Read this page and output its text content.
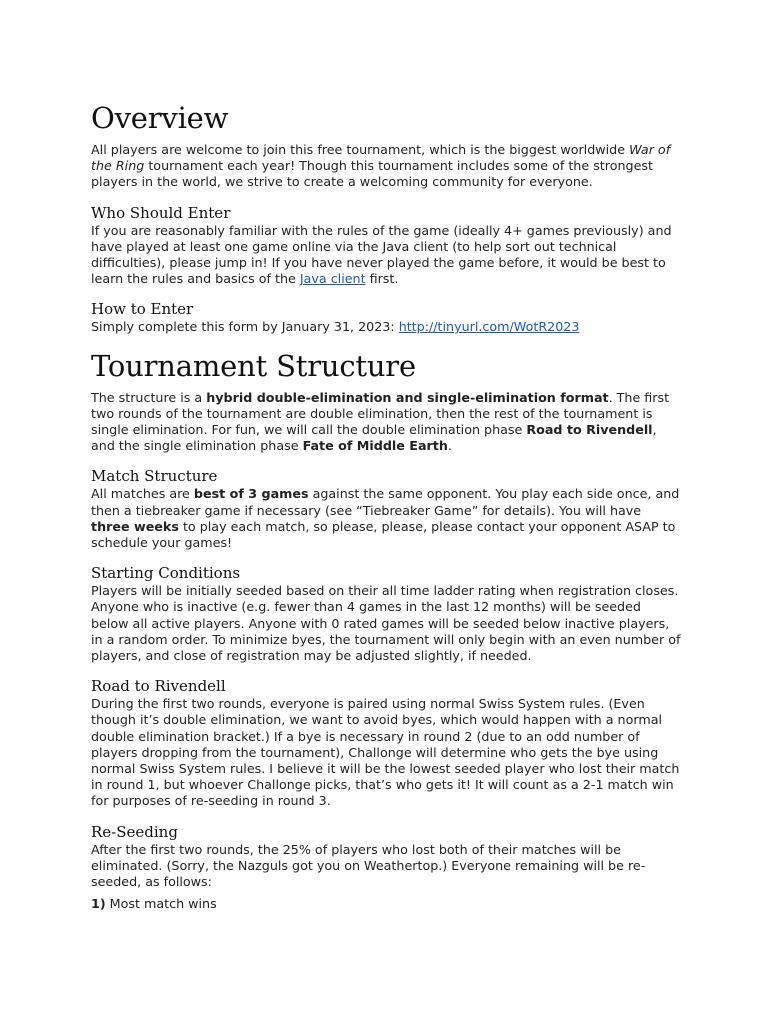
Overview

All players are welcome to join this free tournament, which is the biggest worldwide War of the Ring tournament each year! Though this tournament includes some of the strongest players in the world, we strive to create a welcoming community for everyone.

Who Should Enter

If you are reasonably familiar with the rules of the game (ideally 4+ games previously) and have played at least one game online via the Java client (to help sort out technical difficulties), please jump in! If you have never played the game before, it would be best to learn the rules and basics of the Java client first.

How to Enter

Simply complete this form by January 31, 2023: http://tinyurl.com/WotR2023

Tournament Structure

The structure is a hybrid double-elimination and single-elimination format. The first two rounds of the tournament are double elimination, then the rest of the tournament is single elimination. For fun, we will call the double elimination phase Road to Rivendell, and the single elimination phase Fate of Middle Earth.

Match Structure

All matches are best of 3 games against the same opponent. You play each side once, and then a tiebreaker game if necessary (see “Tiebreaker Game” for details). You will have three weeks to play each match, so please, please, please contact your opponent ASAP to schedule your games!

Starting Conditions

Players will be initially seeded based on their all time ladder rating when registration closes. Anyone who is inactive (e.g. fewer than 4 games in the last 12 months) will be seeded below all active players. Anyone with 0 rated games will be seeded below inactive players, in a random order. To minimize byes, the tournament will only begin with an even number of players, and close of registration may be adjusted slightly, if needed.

Road to Rivendell

During the first two rounds, everyone is paired using normal Swiss System rules. (Even though it’s double elimination, we want to avoid byes, which would happen with a normal double elimination bracket.) If a bye is necessary in round 2 (due to an odd number of players dropping from the tournament), Challonge will determine who gets the bye using normal Swiss System rules. I believe it will be the lowest seeded player who lost their match in round 1, but whoever Challonge picks, that’s who gets it! It will count as a 2-1 match win for purposes of re-seeding in round 3.

Re-Seeding

After the first two rounds, the 25% of players who lost both of their matches will be eliminated. (Sorry, the Nazguls got you on Weathertop.) Everyone remaining will be re-seeded, as follows:

1) Most match wins
